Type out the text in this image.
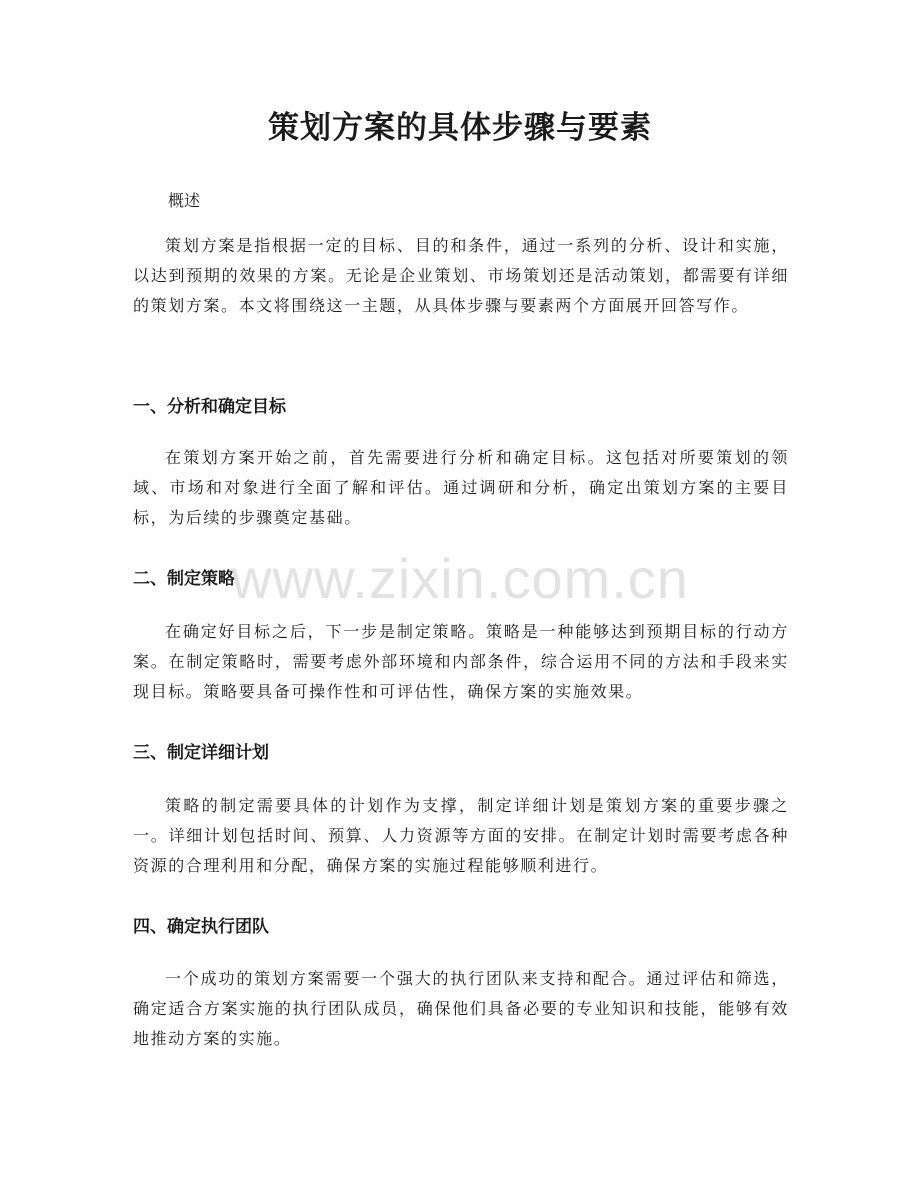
策划方案的具体步骤与要素

概述

策划方案是指根据一定的目标、目的和条件，通过一系列的分析、设计和实施，以达到预期的效果的方案。无论是企业策划、市场策划还是活动策划，都需要有详细的策划方案。本文将围绕这一主题，从具体步骤与要素两个方面展开回答写作。

一、分析和确定目标

在策划方案开始之前，首先需要进行分析和确定目标。这包括对所要策划的领域、市场和对象进行全面了解和评估。通过调研和分析，确定出策划方案的主要目标，为后续的步骤奠定基础。

二、制定策略

在确定好目标之后，下一步是制定策略。策略是一种能够达到预期目标的行动方案。在制定策略时，需要考虑外部环境和内部条件，综合运用不同的方法和手段来实现目标。策略要具备可操作性和可评估性，确保方案的实施效果。

三、制定详细计划

策略的制定需要具体的计划作为支撑，制定详细计划是策划方案的重要步骤之一。详细计划包括时间、预算、人力资源等方面的安排。在制定计划时需要考虑各种资源的合理利用和分配，确保方案的实施过程能够顺利进行。

四、确定执行团队

一个成功的策划方案需要一个强大的执行团队来支持和配合。通过评估和筛选，确定适合方案实施的执行团队成员，确保他们具备必要的专业知识和技能，能够有效地推动方案的实施。

www.zixin.com.cn
